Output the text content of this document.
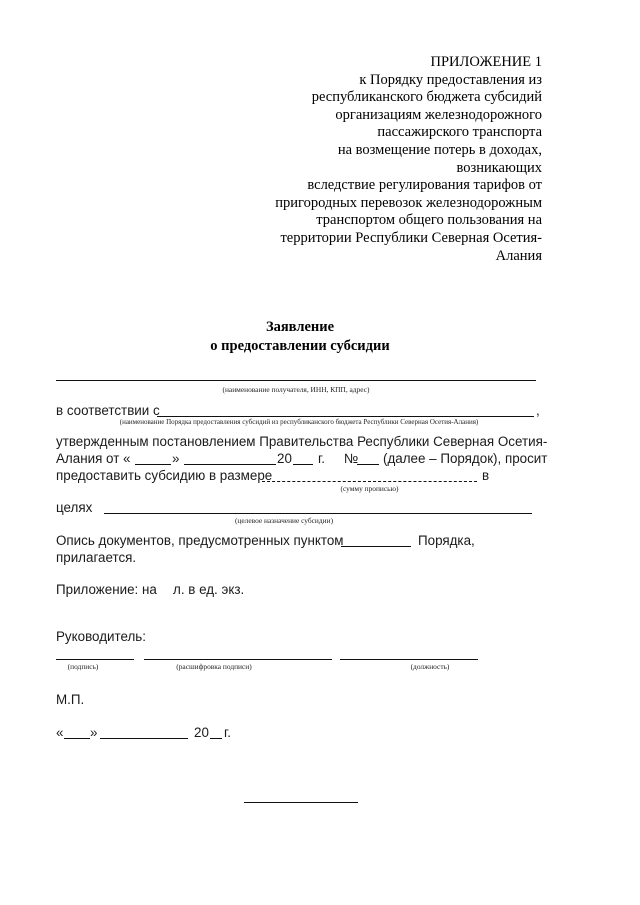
ПРИЛОЖЕНИЕ 1
к Порядку предоставления из
республиканского бюджета субсидий
организациям железнодорожного
пассажирского транспорта
на возмещение потерь в доходах,
возникающих
вследствие регулирования тарифов от
пригородных перевозок железнодорожным
транспортом общего пользования на
территории Республики Северная Осетия-
Алания
Заявление
о предоставлении субсидии
(наименование получателя, ИНН, КПП, адрес)
в соответствии с	,
(наименование Порядка предоставления субсидий из республиканского бюджета Республики Северная Осетия-Алания)
утвержденным постановлением Правительства Республики Северная Осетия-
Алания от «	»	20 г. № (далее – Порядок), просит
предоставить субсидию в размере	в
(сумму прописью)
целях
(целевое назначение субсидии)
Опись документов, предусмотренных пунктом	Порядка,
прилагается.
Приложение: на л. в ед. экз.
Руководитель:
(подпись)	(расшифровка подписи)	(должность)
М.П.
« »	20 г.
